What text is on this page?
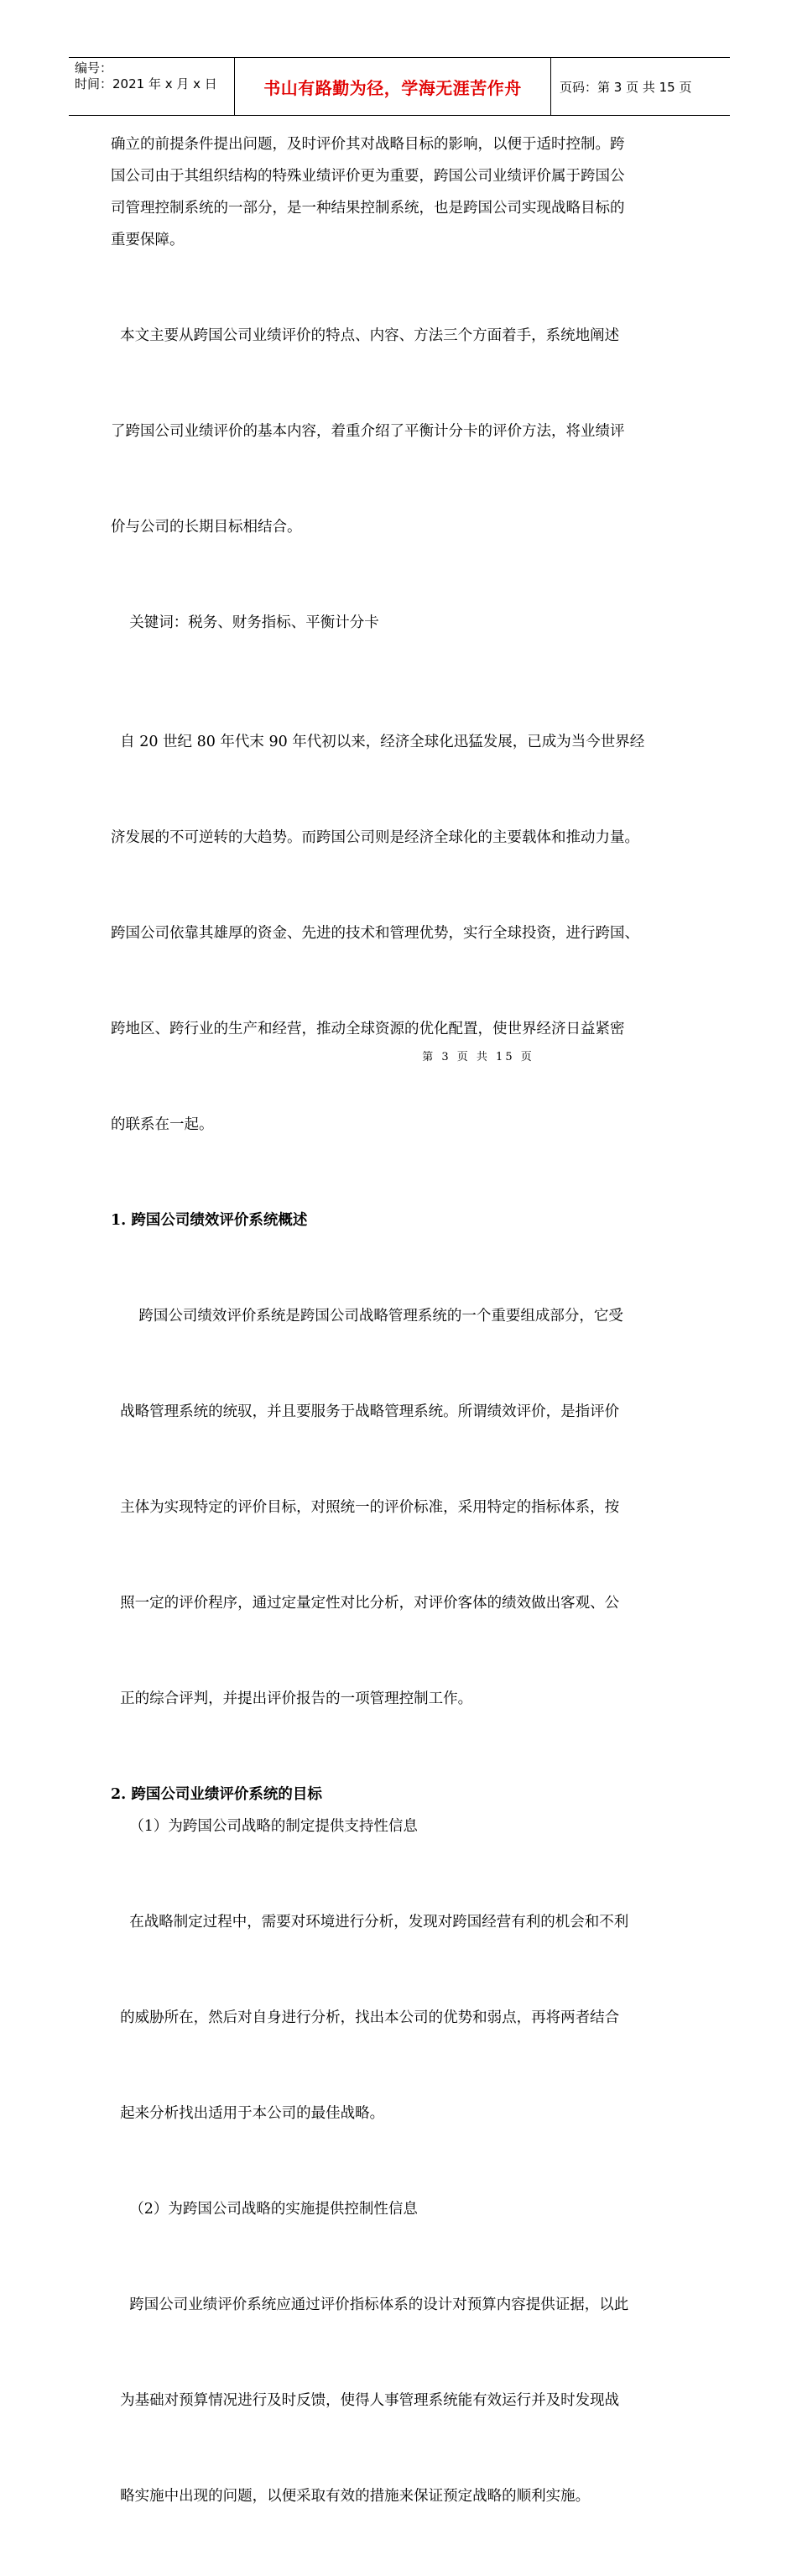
编号：
时间：2021 年 x 月 x 日	书山有路勤为径，学海无涯苦作舟	页码：第 3 页 共 15 页

确立的前提条件提出问题，及时评价其对战略目标的影响，以便于适时控制。跨
国公司由于其组织结构的特殊业绩评价更为重要，跨国公司业绩评价属于跨国公
司管理控制系统的一部分，是一种结果控制系统，也是跨国公司实现战略目标的
重要保障。

本文主要从跨国公司业绩评价的特点、内容、方法三个方面着手，系统地阐述

了跨国公司业绩评价的基本内容，着重介绍了平衡计分卡的评价方法，将业绩评

价与公司的长期目标相结合。

关键词：税务、财务指标、平衡计分卡

自 20 世纪 80 年代末 90 年代初以来，经济全球化迅猛发展，已成为当今世界经

济发展的不可逆转的大趋势。而跨国公司则是经济全球化的主要载体和推动力量。

跨国公司依靠其雄厚的资金、先进的技术和管理优势，实行全球投资，进行跨国、

跨地区、跨行业的生产和经营，推动全球资源的优化配置，使世界经济日益紧密

的联系在一起。

1. 跨国公司绩效评价系统概述

跨国公司绩效评价系统是跨国公司战略管理系统的一个重要组成部分，它受

战略管理系统的统驭，并且要服务于战略管理系统。所谓绩效评价，是指评价

主体为实现特定的评价目标，对照统一的评价标准，采用特定的指标体系，按

照一定的评价程序，通过定量定性对比分析，对评价客体的绩效做出客观、公

正的综合评判，并提出评价报告的一项管理控制工作。

2. 跨国公司业绩评价系统的目标

（1）为跨国公司战略的制定提供支持性信息

在战略制定过程中，需要对环境进行分析，发现对跨国经营有利的机会和不利

的威胁所在，然后对自身进行分析，找出本公司的优势和弱点，再将两者结合

起来分析找出适用于本公司的最佳战略。

（2）为跨国公司战略的实施提供控制性信息

跨国公司业绩评价系统应通过评价指标体系的设计对预算内容提供证据，以此

为基础对预算情况进行及时反馈，使得人事管理系统能有效运行并及时发现战

略实施中出现的问题，以便采取有效的措施来保证预定战略的顺利实施。

第 3 页 共 15 页
